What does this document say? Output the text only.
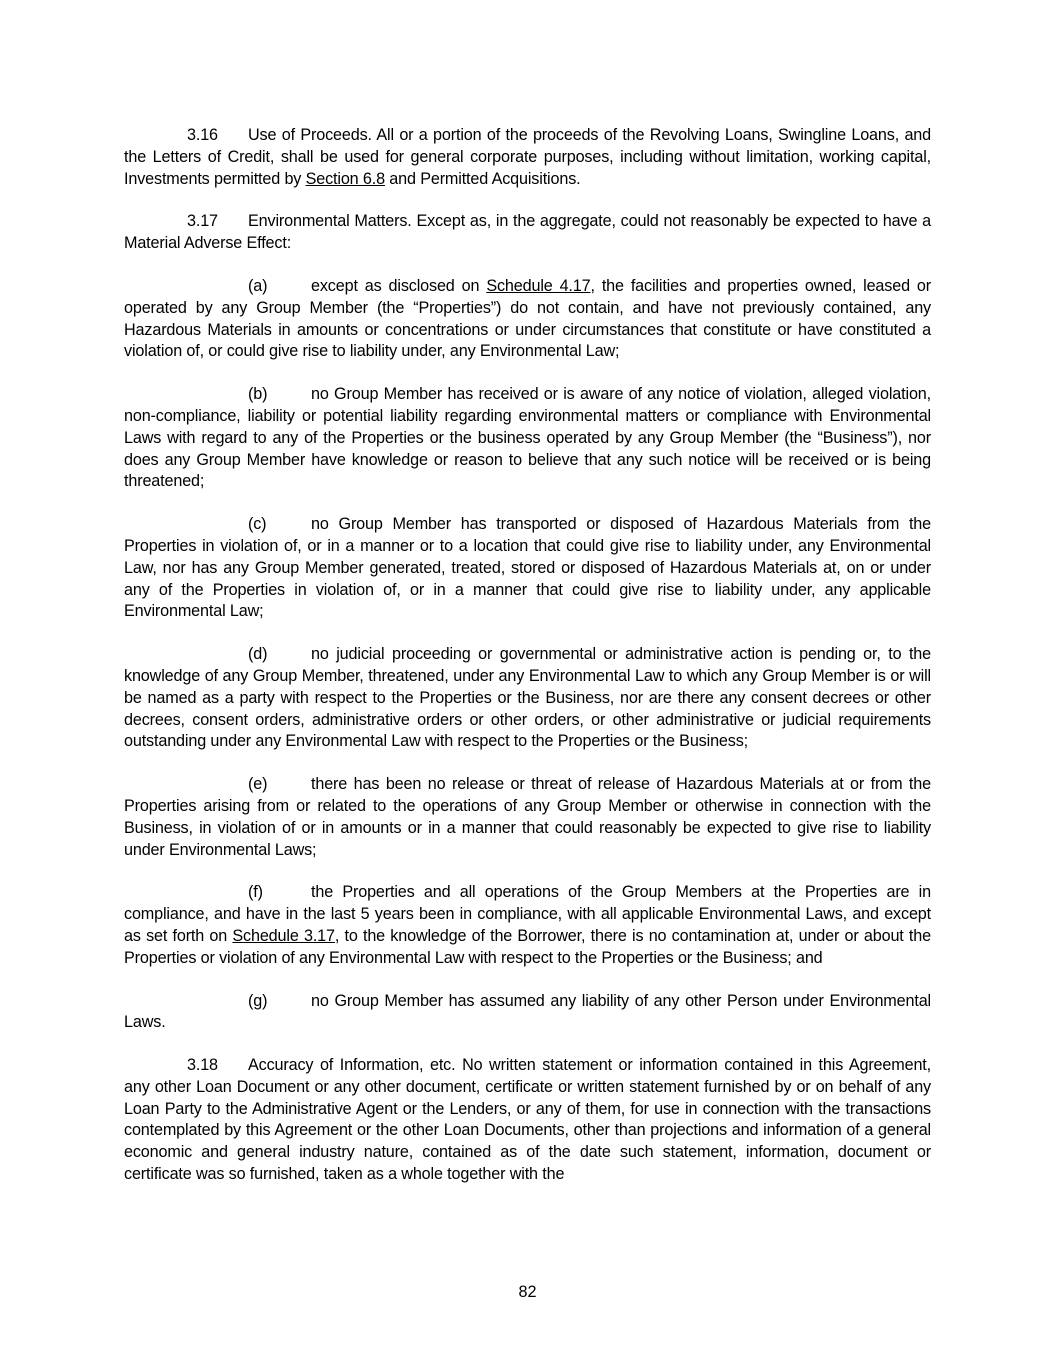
3.16 Use of Proceeds. All or a portion of the proceeds of the Revolving Loans, Swingline Loans, and the Letters of Credit, shall be used for general corporate purposes, including without limitation, working capital, Investments permitted by Section 6.8 and Permitted Acquisitions.

3.17 Environmental Matters. Except as, in the aggregate, could not reasonably be expected to have a Material Adverse Effect:

(a)	except as disclosed on Schedule 4.17, the facilities and properties owned, leased or operated by any Group Member (the “Properties”) do not contain, and have not previously contained, any Hazardous Materials in amounts or concentrations or under circumstances that constitute or have constituted a violation of, or could give rise to liability under, any Environmental Law;

(b)	no Group Member has received or is aware of any notice of violation, alleged violation, non-compliance, liability or potential liability regarding environmental matters or compliance with Environmental Laws with regard to any of the Properties or the business operated by any Group Member (the “Business”), nor does any Group Member have knowledge or reason to believe that any such notice will be received or is being threatened;

(c)	no Group Member has transported or disposed of Hazardous Materials from the Properties in violation of, or in a manner or to a location that could give rise to liability under, any Environmental Law, nor has any Group Member generated, treated, stored or disposed of Hazardous Materials at, on or under any of the Properties in violation of, or in a manner that could give rise to liability under, any applicable Environmental Law;

(d)	no judicial proceeding or governmental or administrative action is pending or, to the knowledge of any Group Member, threatened, under any Environmental Law to which any Group Member is or will be named as a party with respect to the Properties or the Business, nor are there any consent decrees or other decrees, consent orders, administrative orders or other orders, or other administrative or judicial requirements outstanding under any Environmental Law with respect to the Properties or the Business;

(e)	there has been no release or threat of release of Hazardous Materials at or from the Properties arising from or related to the operations of any Group Member or otherwise in connection with the Business, in violation of or in amounts or in a manner that could reasonably be expected to give rise to liability under Environmental Laws;

(f)	the Properties and all operations of the Group Members at the Properties are in compliance, and have in the last 5 years been in compliance, with all applicable Environmental Laws, and except as set forth on Schedule 3.17, to the knowledge of the Borrower, there is no contamination at, under or about the Properties or violation of any Environmental Law with respect to the Properties or the Business; and

(g)	no Group Member has assumed any liability of any other Person under Environmental Laws.

3.18 Accuracy of Information, etc. No written statement or information contained in this Agreement, any other Loan Document or any other document, certificate or written statement furnished by or on behalf of any Loan Party to the Administrative Agent or the Lenders, or any of them, for use in connection with the transactions contemplated by this Agreement or the other Loan Documents, other than projections and information of a general economic and general industry nature, contained as of the date such statement, information, document or certificate was so furnished, taken as a whole together with the

82
